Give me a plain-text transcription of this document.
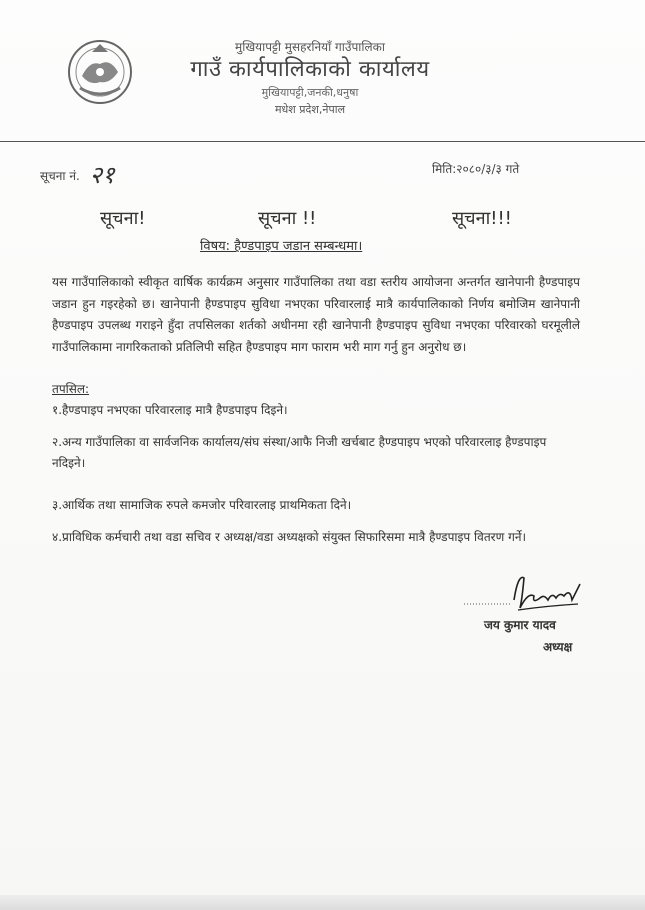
मुखियापट्टी मुसहरनियाँ गाउँपालिका
गाउँ कार्यपालिकाको कार्यालय
मुखियापट्टी,जनकी,धनुषा
मधेश प्रदेश,नेपाल
सूचना नं. २१	मिति:२०८०/३/३ गते
सूचना!	सूचना !!	सूचना!!!
विषय: हैण्डपाइप जडान सम्बन्धमा।
यस गाउँपालिकाको स्वीकृत वार्षिक कार्यक्रम अनुसार गाउँपालिका तथा वडा स्तरीय आयोजना अन्तर्गत खानेपानी हैण्डपाइप जडान हुन गइरहेको छ। खानेपानी हैण्डपाइप सुविधा नभएका परिवारलाई मात्रै कार्यपालिकाको निर्णय बमोजिम खानेपानी हैण्डपाइप उपलब्ध गराइने हुँदा तपसिलका शर्तको अधीनमा रही खानेपानी हैण्डपाइप सुविधा नभएका परिवारको घरमूलीले गाउँपालिकामा नागरिकताको प्रतिलिपी सहित हैण्डपाइप माग फाराम भरी माग गर्नु हुन अनुरोध छ।
तपसिल:
१.हैण्डपाइप नभएका परिवारलाइ मात्रै हैण्डपाइप दिइने।
२.अन्य गाउँपालिका वा सार्वजनिक कार्यालय/संघ संस्था/आफै निजी खर्चबाट हैण्डपाइप भएको परिवारलाइ हैण्डपाइप नदिइने।
३.आर्थिक तथा सामाजिक रुपले कमजोर परिवारलाइ प्राथमिकता दिने।
४.प्राविधिक कर्मचारी तथा वडा सचिव र अध्यक्ष/वडा अध्यक्षको संयुक्त सिफारिसमा मात्रै हैण्डपाइप वितरण गर्ने।
जय कुमार यादव
अध्यक्ष
